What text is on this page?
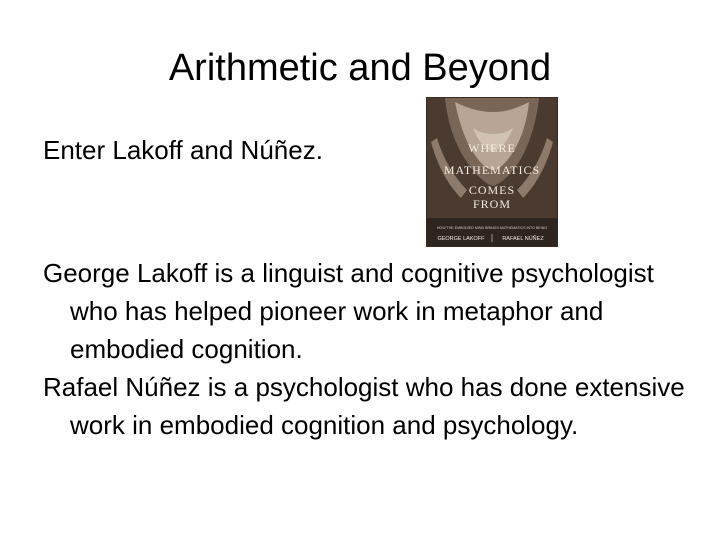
Arithmetic and Beyond
Enter Lakoff and Núñez.	WHERE
MATHEMATICS
COMES
FROM
HOW THE EMBODIED MIND BRINGS MATHEMATICS INTO BEING
GEORGE LAKOFF	RAFAEL NÚÑEZ

George Lakoff is a linguist and cognitive psychologist who has helped pioneer work in metaphor and embodied cognition.

Rafael Núñez is a psychologist who has done extensive work in embodied cognition and psychology.
